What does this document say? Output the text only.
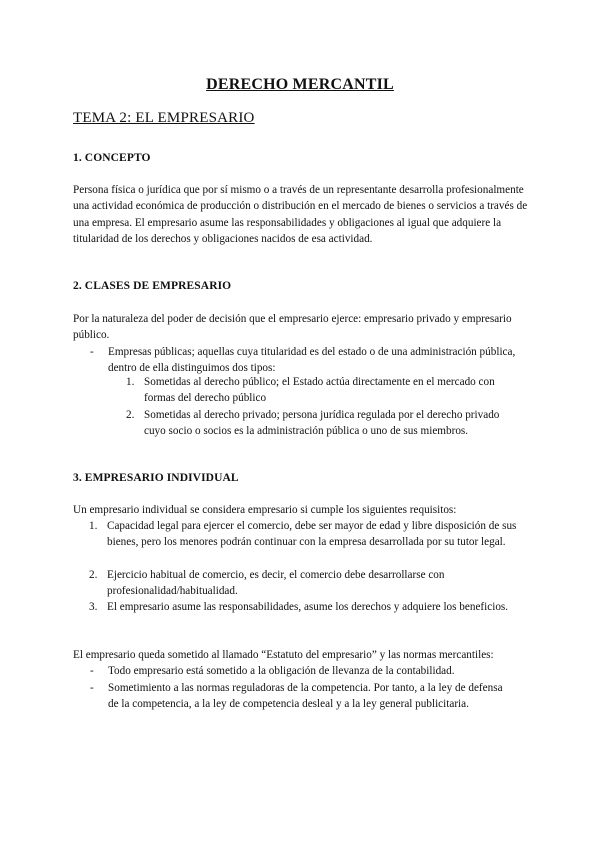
DERECHO MERCANTIL
TEMA 2: EL EMPRESARIO
1. CONCEPTO

Persona física o jurídica que por sí mismo o a través de un representante desarrolla profesionalmente una actividad económica de producción o distribución en el mercado de bienes o servicios a través de una empresa. El empresario asume las responsabilidades y obligaciones al igual que adquiere la titularidad de los derechos y obligaciones nacidos de esa actividad.

2. CLASES DE EMPRESARIO

Por la naturaleza del poder de decisión que el empresario ejerce: empresario privado y empresario público.

- Empresas públicas; aquellas cuya titularidad es del estado o de una administración pública, dentro de ella distinguimos dos tipos:
1. Sometidas al derecho público; el Estado actúa directamente en el mercado con formas del derecho público
2. Sometidas al derecho privado; persona jurídica regulada por el derecho privado cuyo socio o socios es la administración pública o uno de sus miembros.
3. EMPRESARIO INDIVIDUAL

Un empresario individual se considera empresario si cumple los siguientes requisitos:

1. Capacidad legal para ejercer el comercio, debe ser mayor de edad y libre disposición de sus bienes, pero los menores podrán continuar con la empresa desarrollada por su tutor legal.
2. Ejercicio habitual de comercio, es decir, el comercio debe desarrollarse con profesionalidad/habitualidad.
3. El empresario asume las responsabilidades, asume los derechos y adquiere los beneficios.

El empresario queda sometido al llamado “Estatuto del empresario” y las normas mercantiles:

- Todo empresario está sometido a la obligación de llevanza de la contabilidad.
- Sometimiento a las normas reguladoras de la competencia. Por tanto, a la ley de defensa de la competencia, a la ley de competencia desleal y a la ley general publicitaria.
